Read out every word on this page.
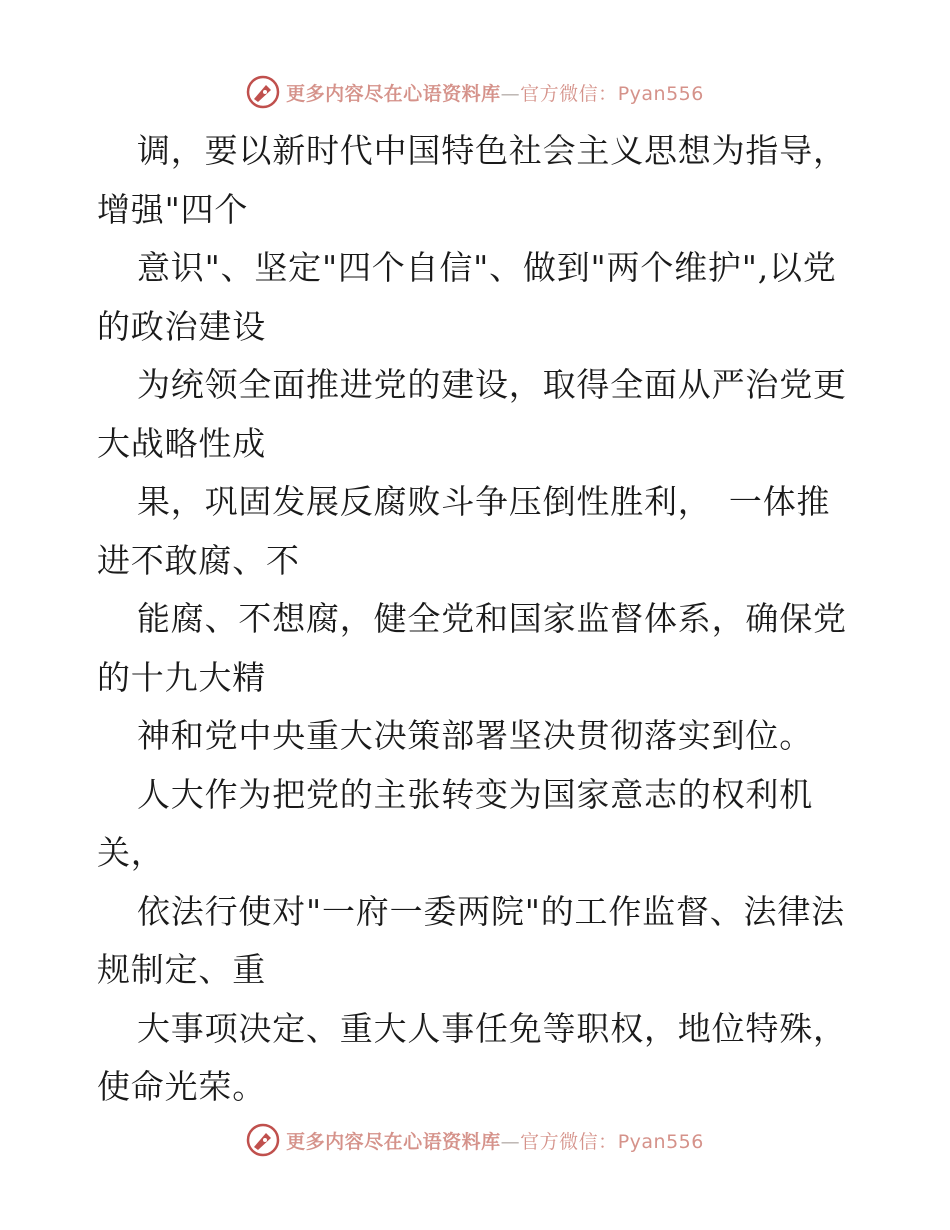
更多内容尽在心语资料库—官方微信：Pyan556
调，要以新时代中国特色社会主义思想为指导，
增强"四个
意识"、坚定"四个自信"、做到"两个维护",以党
的政治建设
为统领全面推进党的建设，取得全面从严治党更
大战略性成
果，巩固发展反腐败斗争压倒性胜利，　一体推
进不敢腐、不
能腐、不想腐，健全党和国家监督体系，确保党
的十九大精
神和党中央重大决策部署坚决贯彻落实到位。
人大作为把党的主张转变为国家意志的权利机
关，
依法行使对"一府一委两院"的工作监督、法律法
规制定、重
大事项决定、重大人事任免等职权，地位特殊，
使命光荣。
更多内容尽在心语资料库—官方微信：Pyan556
